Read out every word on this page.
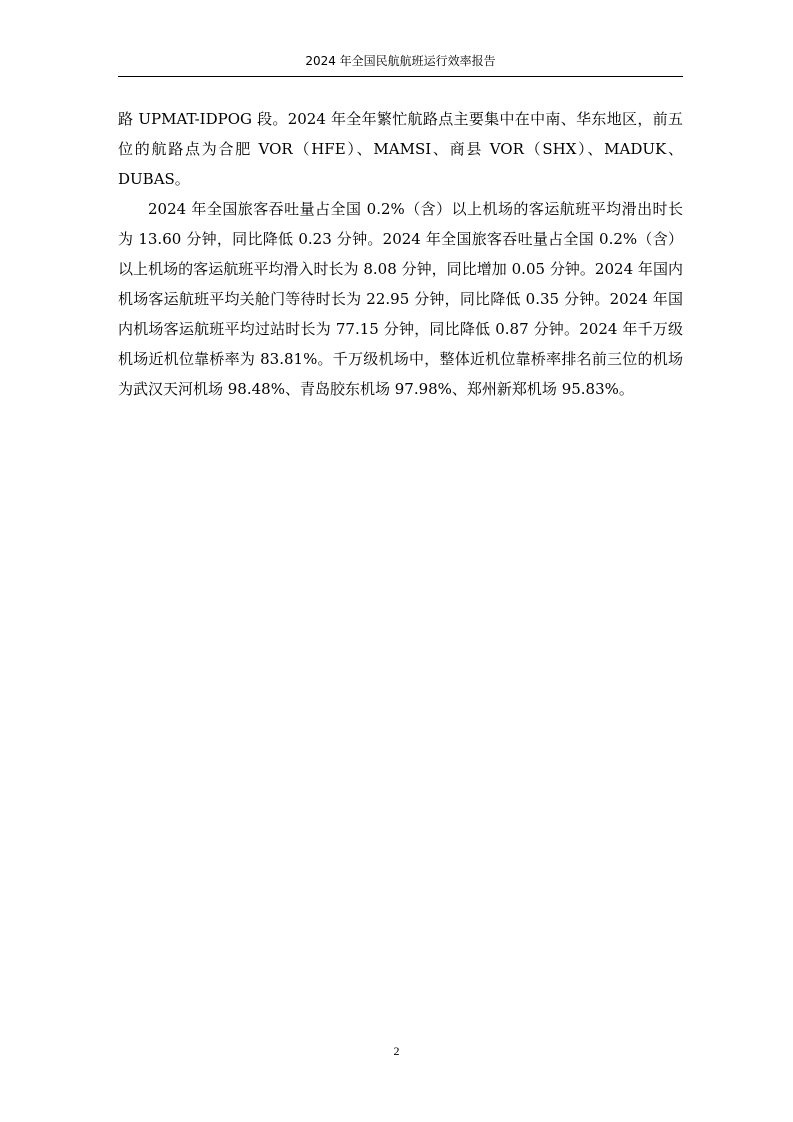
2024 年全国民航航班运行效率报告

路 UPMAT-IDPOG 段。2024 年全年繁忙航路点主要集中在中南、华东地区，前五位的航路点为合肥 VOR（HFE）、MAMSI、商县 VOR（SHX）、MADUK、DUBAS。

2024 年全国旅客吞吐量占全国 0.2%（含）以上机场的客运航班平均滑出时长为 13.60 分钟，同比降低 0.23 分钟。2024 年全国旅客吞吐量占全国 0.2%（含）以上机场的客运航班平均滑入时长为 8.08 分钟，同比增加 0.05 分钟。2024 年国内机场客运航班平均关舱门等待时长为 22.95 分钟，同比降低 0.35 分钟。2024 年国内机场客运航班平均过站时长为 77.15 分钟，同比降低 0.87 分钟。2024 年千万级机场近机位靠桥率为 83.81%。千万级机场中，整体近机位靠桥率排名前三位的机场为武汉天河机场 98.48%、青岛胶东机场 97.98%、郑州新郑机场 95.83%。

2
